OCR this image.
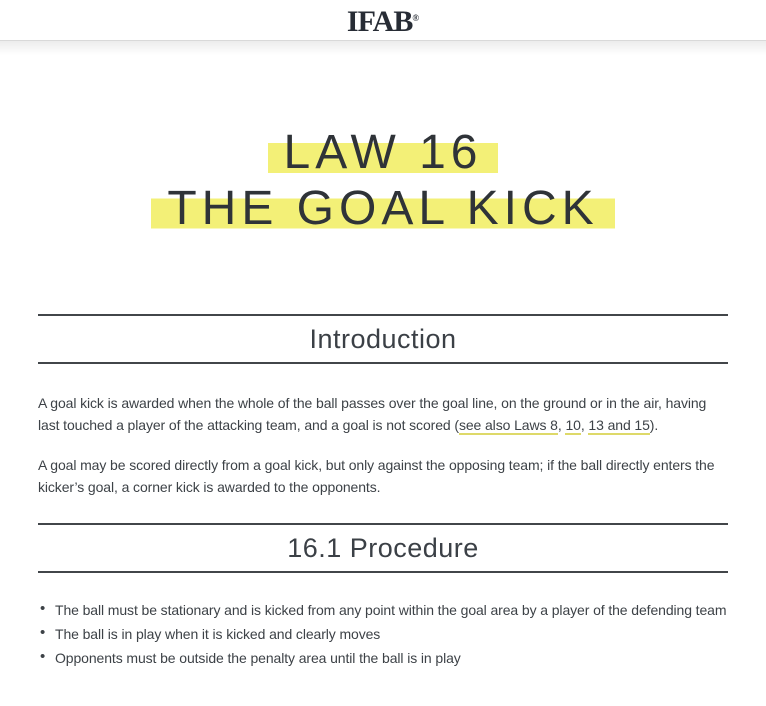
IFAB®
LAW 16
THE GOAL KICK
Introduction

A goal kick is awarded when the whole of the ball passes over the goal line, on the ground or in the air, having last touched a player of the attacking team, and a goal is not scored (see also Laws 8, 10, 13 and 15).

A goal may be scored directly from a goal kick, but only against the opposing team; if the ball directly enters the kicker’s goal, a corner kick is awarded to the opponents.

16.1 Procedure
• The ball must be stationary and is kicked from any point within the goal area by a player of the defending team
• The ball is in play when it is kicked and clearly moves
• Opponents must be outside the penalty area until the ball is in play
